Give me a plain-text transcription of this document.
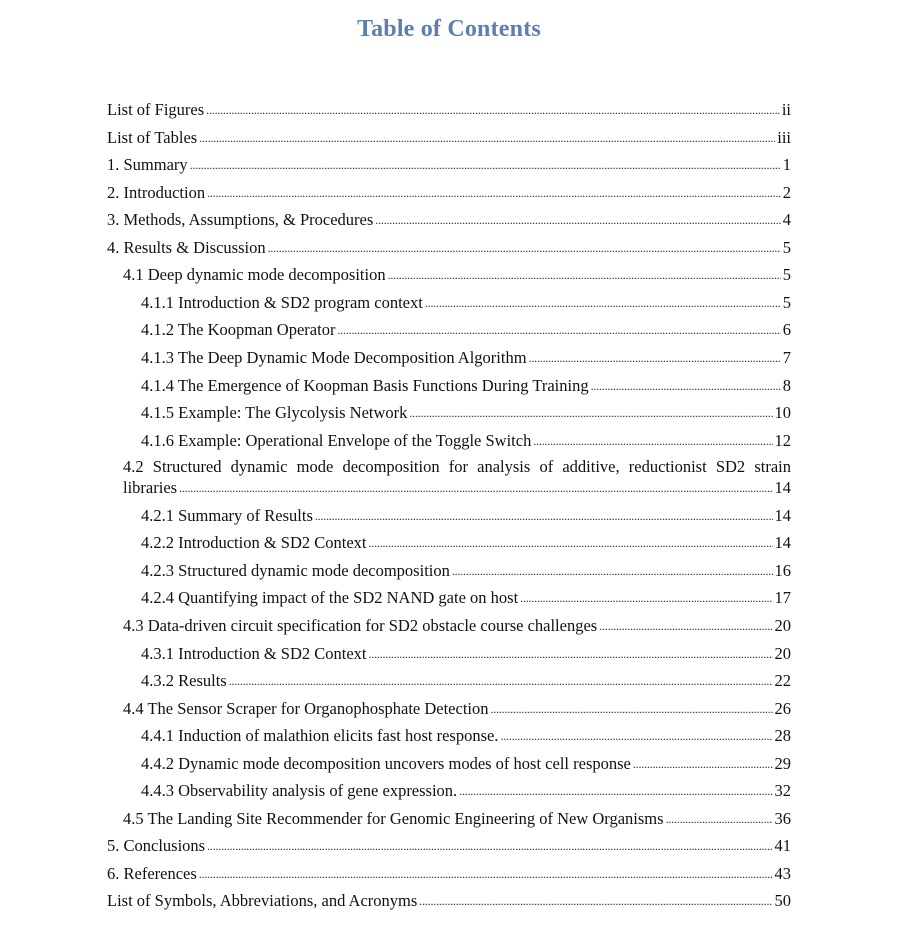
Table of Contents
List of Figures . . .	ii
List of Tables . . .	iii
1. Summary . . .	1
2. Introduction . . .	2
3. Methods, Assumptions, & Procedures . . .	4
4. Results & Discussion . . .	5
4.1 Deep dynamic mode decomposition . . .	5
4.1.1 Introduction & SD2 program context . . .	5
4.1.2 The Koopman Operator . . .	6
4.1.3 The Deep Dynamic Mode Decomposition Algorithm . . .	7
4.1.4 The Emergence of Koopman Basis Functions During Training . . .	8
4.1.5 Example: The Glycolysis Network . . .	10
4.1.6 Example: Operational Envelope of the Toggle Switch . . .	12
4.2 Structured dynamic mode decomposition for analysis of additive, reductionist SD2 strain
libraries . . .	14
4.2.1 Summary of Results . . .	14
4.2.2 Introduction & SD2 Context . . .	14
4.2.3 Structured dynamic mode decomposition . . .	16
4.2.4 Quantifying impact of the SD2 NAND gate on host . . .	17
4.3 Data-driven circuit specification for SD2 obstacle course challenges . . .	20
4.3.1 Introduction & SD2 Context . . .	20
4.3.2 Results . . .	22
4.4 The Sensor Scraper for Organophosphate Detection . . .	26
4.4.1 Induction of malathion elicits fast host response. . . .	28
4.4.2 Dynamic mode decomposition uncovers modes of host cell response . . .	29
4.4.3 Observability analysis of gene expression. . . .	32
4.5 The Landing Site Recommender for Genomic Engineering of New Organisms . . .	36
5. Conclusions . . .	41
6. References . . .	43
List of Symbols, Abbreviations, and Acronyms . . .	50
